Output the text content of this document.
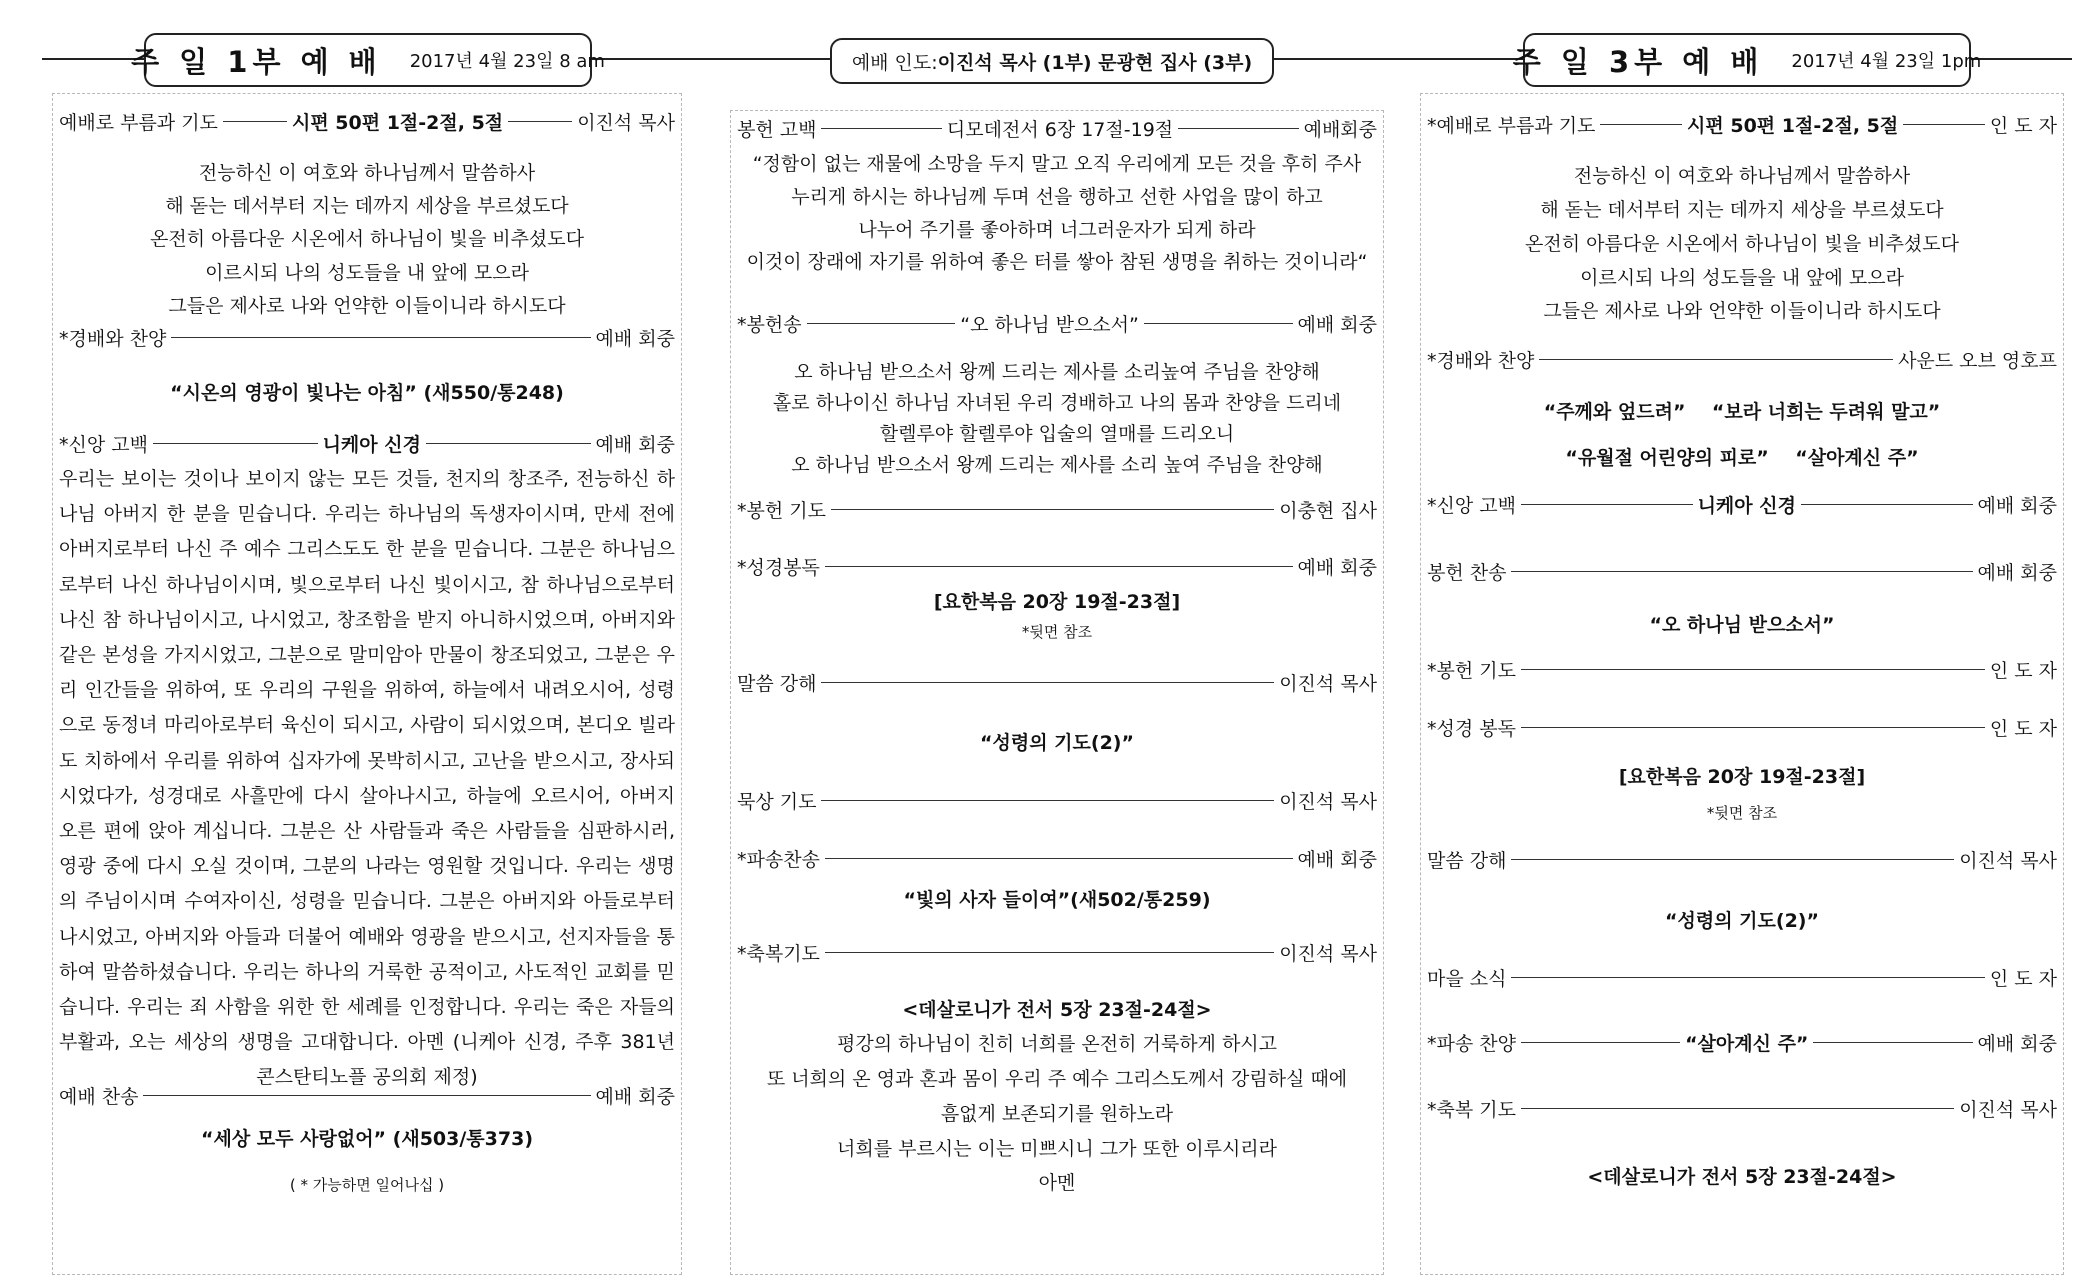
주 일 1부 예 배 2017년 4월 23일 8 am	예배 인도: 이진석 목사 (1부) 문광현 집사 (3부)	주 일 3부 예 배 2017년 4월 23일 1pm
예배로 부름과 기도	시편 50편 1절-2절, 5절	이진석 목사
전능하신 이 여호와 하나님께서 말씀하사
해 돋는 데서부터 지는 데까지 세상을 부르셨도다
온전히 아름다운 시온에서 하나님이 빛을 비추셨도다
이르시되 나의 성도들을 내 앞에 모으라
그들은 제사로 나와 언약한 이들이니라 하시도다
*경배와 찬양	예배 회중
“시온의 영광이 빛나는 아침” (새550/통248)
*신앙 고백	니케아 신경	예배 회중
우리는 보이는 것이나 보이지 않는 모든 것들, 천지의 창조주, 전능하신 하나님 아버지 한 분을 믿습니다. 우리는 하나님의 독생자이시며, 만세 전에 아버지로부터 나신 주 예수 그리스도도 한 분을 믿습니다. 그분은 하나님으로부터 나신 하나님이시며, 빛으로부터 나신 빛이시고, 참 하나님으로부터 나신 참 하나님이시고, 나시었고, 창조함을 받지 아니하시었으며, 아버지와 같은 본성을 가지시었고, 그분으로 말미암아 만물이 창조되었고, 그분은 우리 인간들을 위하여, 또 우리의 구원을 위하여, 하늘에서 내려오시어, 성령으로 동정녀 마리아로부터 육신이 되시고, 사람이 되시었으며, 본디오 빌라도 치하에서 우리를 위하여 십자가에 못박히시고, 고난을 받으시고, 장사되시었다가, 성경대로 사흘만에 다시 살아나시고, 하늘에 오르시어, 아버지 오른 편에 앉아 계십니다. 그분은 산 사람들과 죽은 사람들을 심판하시러, 영광 중에 다시 오실 것이며, 그분의 나라는 영원할 것입니다. 우리는 생명의 주님이시며 수여자이신, 성령을 믿습니다. 그분은 아버지와 아들로부터 나시었고, 아버지와 아들과 더불어 예배와 영광을 받으시고, 선지자들을 통하여 말씀하셨습니다. 우리는 하나의 거룩한 공적이고, 사도적인 교회를 믿습니다. 우리는 죄 사함을 위한 한 세례를 인정합니다. 우리는 죽은 자들의 부활과, 오는 세상의 생명을 고대합니다. 아멘 (니케아 신경, 주후 381년 콘스탄티노플 공의회 제정)
예배 찬송	예배 회중
“세상 모두 사랑없어” (새503/통373)
( * 가능하면 일어나십 )
봉헌 고백	디모데전서 6장 17절-19절	예배회중
“정함이 없는 재물에 소망을 두지 말고 오직 우리에게 모든 것을 후히 주사
누리게 하시는 하나님께 두며 선을 행하고 선한 사업을 많이 하고
나누어 주기를 좋아하며 너그러운자가 되게 하라
이것이 장래에 자기를 위하여 좋은 터를 쌓아 참된 생명을 취하는 것이니라“
*봉헌송	“오 하나님 받으소서”	예배 회중
오 하나님 받으소서 왕께 드리는 제사를 소리높여 주님을 찬양해
홀로 하나이신 하나님 자녀된 우리 경배하고 나의 몸과 찬양을 드리네
할렐루야 할렐루야 입술의 열매를 드리오니
오 하나님 받으소서 왕께 드리는 제사를 소리 높여 주님을 찬양해
*봉헌 기도	이충현 집사
*성경봉독	예배 회중
[요한복음 20장 19절-23절]
*뒷면 참조
말씀 강해	이진석 목사
“성령의 기도(2)”
묵상 기도	이진석 목사
*파송찬송	예배 회중
“빛의 사자 들이여”(새502/통259)
*축복기도	이진석 목사
<데살로니가 전서 5장 23절-24절>
평강의 하나님이 친히 너희를 온전히 거룩하게 하시고
또 너희의 온 영과 혼과 몸이 우리 주 예수 그리스도께서 강림하실 때에
흠없게 보존되기를 원하노라
너희를 부르시는 이는 미쁘시니 그가 또한 이루시리라
아멘
*예배로 부름과 기도	시편 50편 1절-2절, 5절	인 도 자
전능하신 이 여호와 하나님께서 말씀하사
해 돋는 데서부터 지는 데까지 세상을 부르셨도다
온전히 아름다운 시온에서 하나님이 빛을 비추셨도다
이르시되 나의 성도들을 내 앞에 모으라
그들은 제사로 나와 언약한 이들이니라 하시도다
*경배와 찬양	사운드 오브 영호프
“주께와 엎드려” “보라 너희는 두려워 말고”
“유월절 어린양의 피로” “살아계신 주”
*신앙 고백	니케아 신경	예배 회중
봉헌 찬송	예배 회중
“오 하나님 받으소서”
*봉헌 기도	인 도 자
*성경 봉독	인 도 자
[요한복음 20장 19절-23절]
*뒷면 참조
말씀 강해	이진석 목사
“성령의 기도(2)”
마을 소식	인 도 자
*파송 찬양	“살아계신 주”	예배 회중
*축복 기도	이진석 목사
<데살로니가 전서 5장 23절-24절>
